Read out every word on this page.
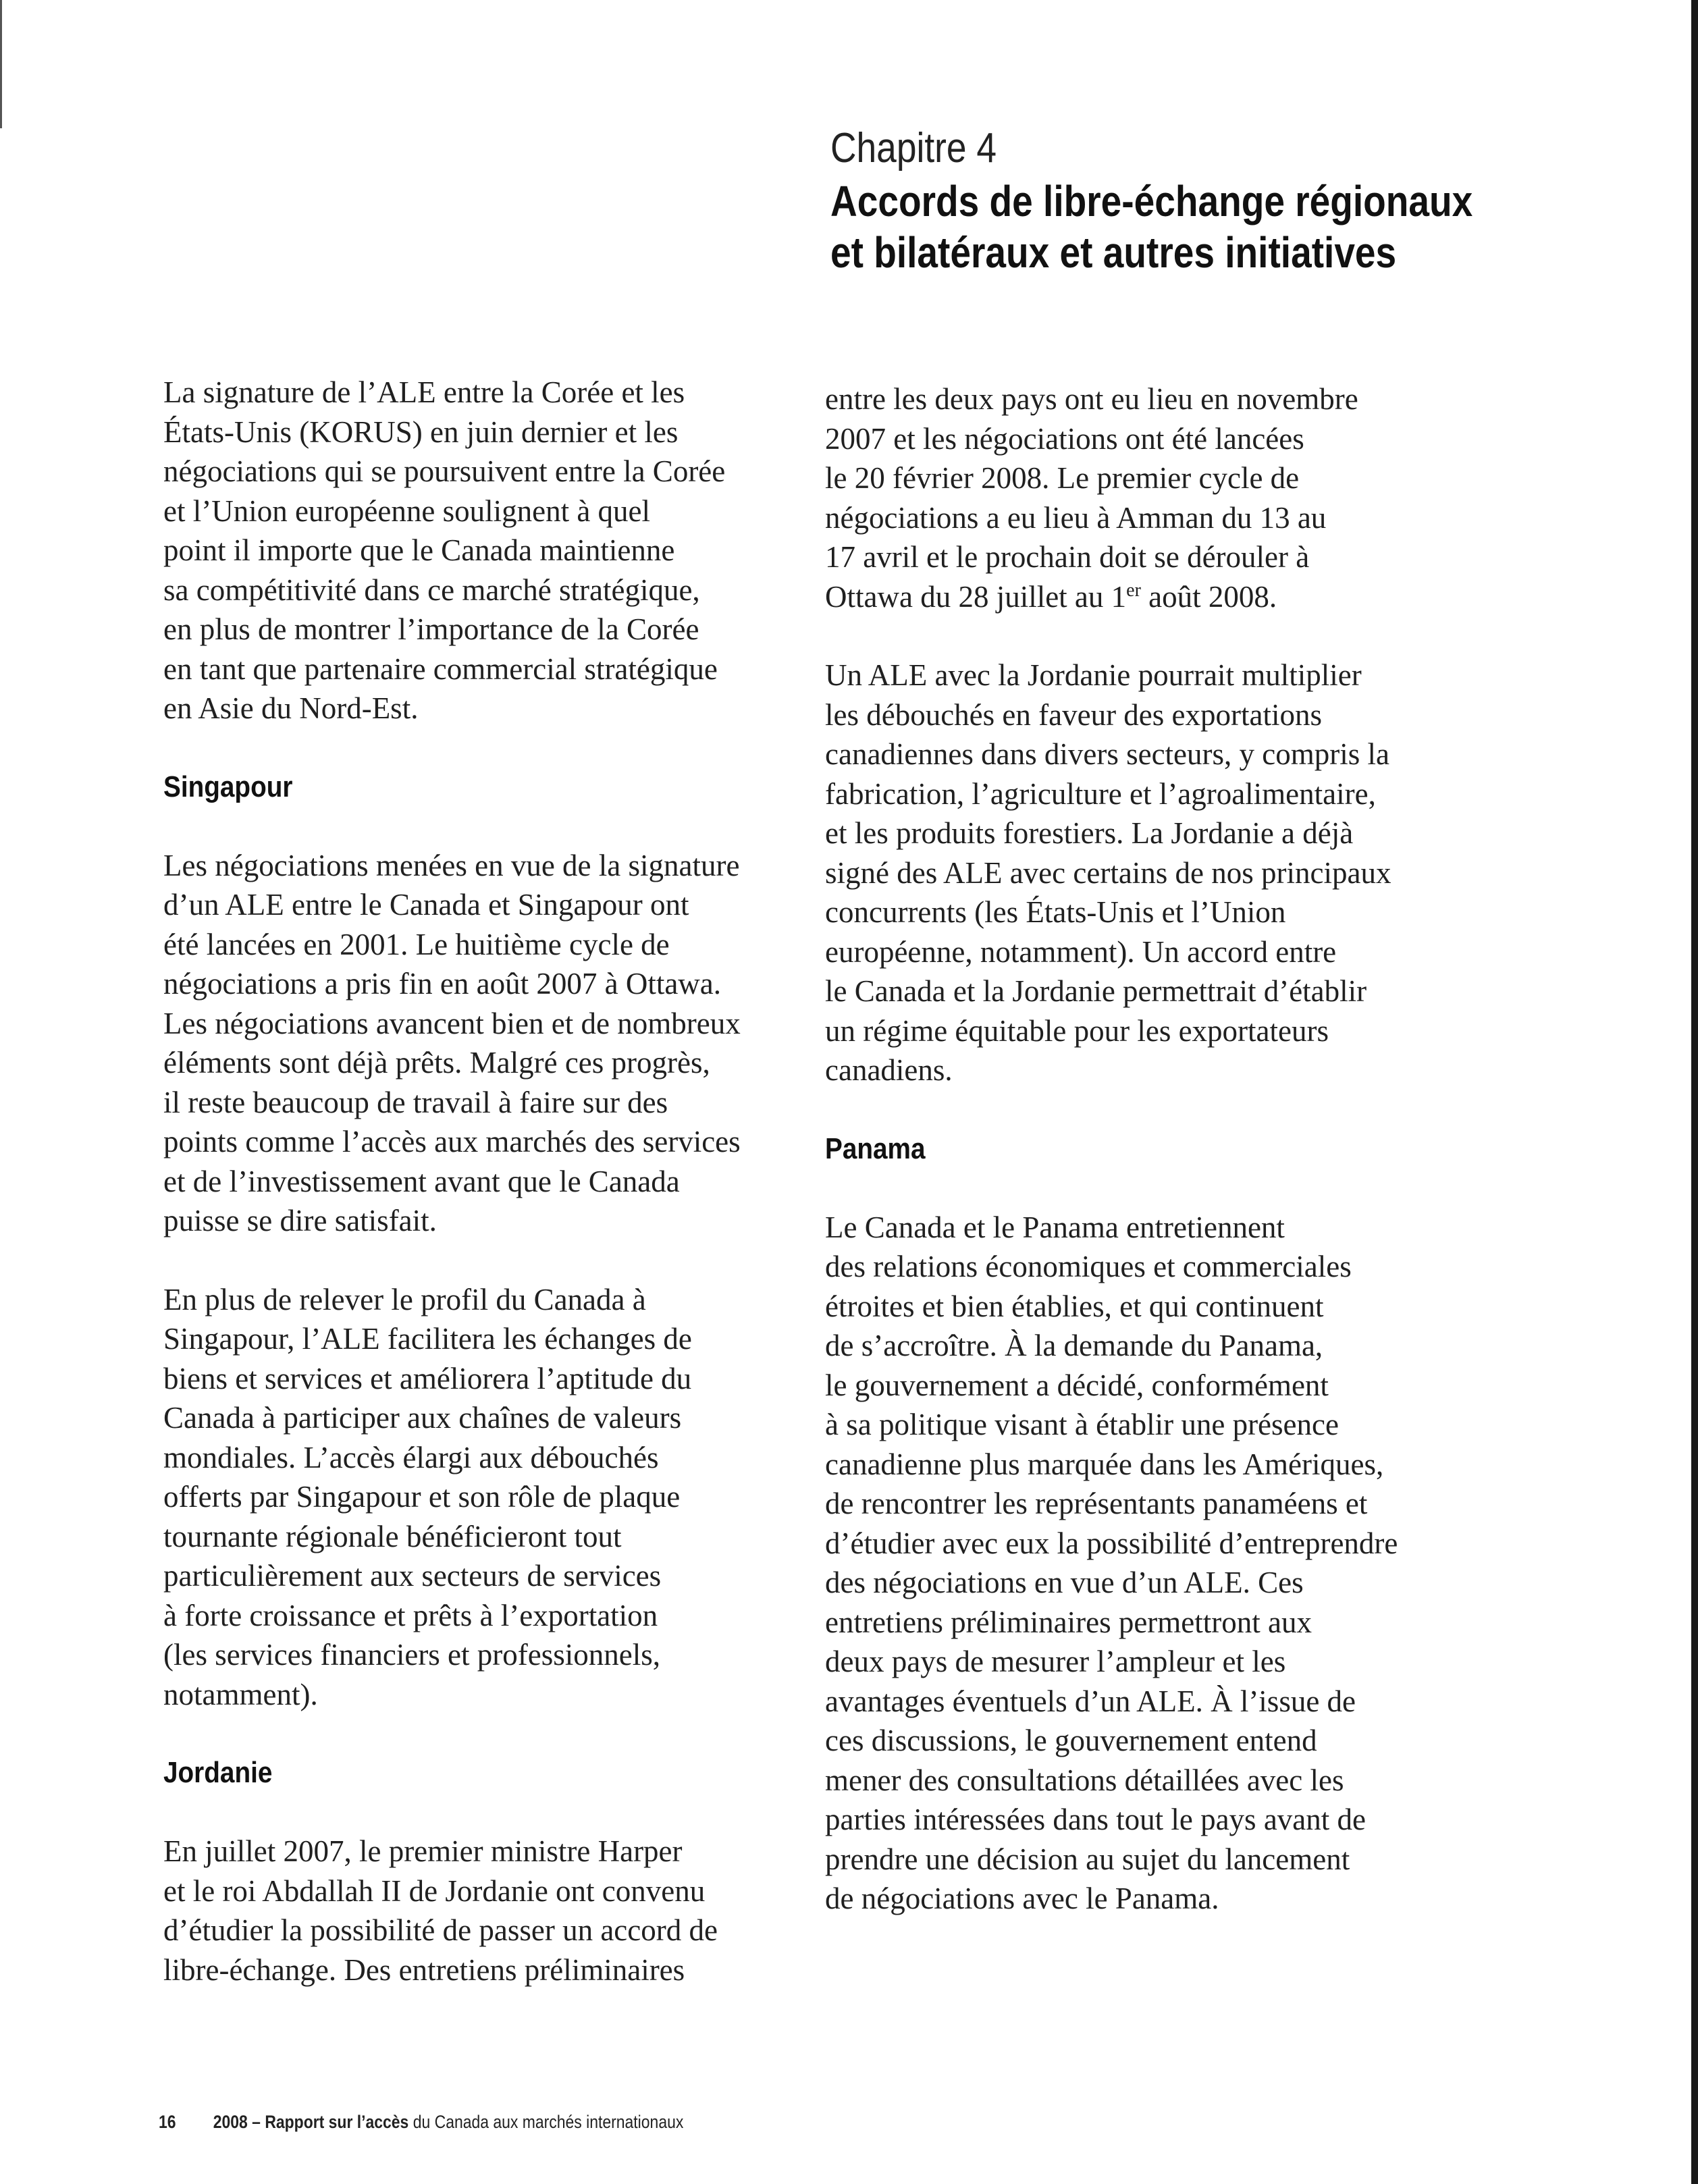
Chapitre 4
Accords de libre-échange régionaux
et bilatéraux et autres initiatives

La signature de l’ALE entre la Corée et les
États-Unis (KORUS) en juin dernier et les
négociations qui se poursuivent entre la Corée
et l’Union européenne soulignent à quel
point il importe que le Canada maintienne
sa compétitivité dans ce marché stratégique,
en plus de montrer l’importance de la Corée
en tant que partenaire commercial stratégique
en Asie du Nord-Est.

Singapour

Les négociations menées en vue de la signature
d’un ALE entre le Canada et Singapour ont
été lancées en 2001. Le huitième cycle de
négociations a pris fin en août 2007 à Ottawa.
Les négociations avancent bien et de nombreux
éléments sont déjà prêts. Malgré ces progrès,
il reste beaucoup de travail à faire sur des
points comme l’accès aux marchés des services
et de l’investissement avant que le Canada
puisse se dire satisfait.

En plus de relever le profil du Canada à
Singapour, l’ALE facilitera les échanges de
biens et services et améliorera l’aptitude du
Canada à participer aux chaînes de valeurs
mondiales. L’accès élargi aux débouchés
offerts par Singapour et son rôle de plaque
tournante régionale bénéficieront tout
particulièrement aux secteurs de services
à forte croissance et prêts à l’exportation
(les services financiers et professionnels,
notamment).

Jordanie

En juillet 2007, le premier ministre Harper
et le roi Abdallah II de Jordanie ont convenu
d’étudier la possibilité de passer un accord de
libre-échange. Des entretiens préliminaires

entre les deux pays ont eu lieu en novembre
2007 et les négociations ont été lancées
le 20 février 2008. Le premier cycle de
négociations a eu lieu à Amman du 13 au
17 avril et le prochain doit se dérouler à
Ottawa du 28 juillet au 1er août 2008.

Un ALE avec la Jordanie pourrait multiplier
les débouchés en faveur des exportations
canadiennes dans divers secteurs, y compris la
fabrication, l’agriculture et l’agroalimentaire,
et les produits forestiers. La Jordanie a déjà
signé des ALE avec certains de nos principaux
concurrents (les États-Unis et l’Union
européenne, notamment). Un accord entre
le Canada et la Jordanie permettrait d’établir
un régime équitable pour les exportateurs
canadiens.

Panama

Le Canada et le Panama entretiennent
des relations économiques et commerciales
étroites et bien établies, et qui continuent
de s’accroître. À la demande du Panama,
le gouvernement a décidé, conformément
à sa politique visant à établir une présence
canadienne plus marquée dans les Amériques,
de rencontrer les représentants panaméens et
d’étudier avec eux la possibilité d’entreprendre
des négociations en vue d’un ALE. Ces
entretiens préliminaires permettront aux
deux pays de mesurer l’ampleur et les
avantages éventuels d’un ALE. À l’issue de
ces discussions, le gouvernement entend
mener des consultations détaillées avec les
parties intéressées dans tout le pays avant de
prendre une décision au sujet du lancement
de négociations avec le Panama.

16 2008 – Rapport sur l’accès du Canada aux marchés internationaux
